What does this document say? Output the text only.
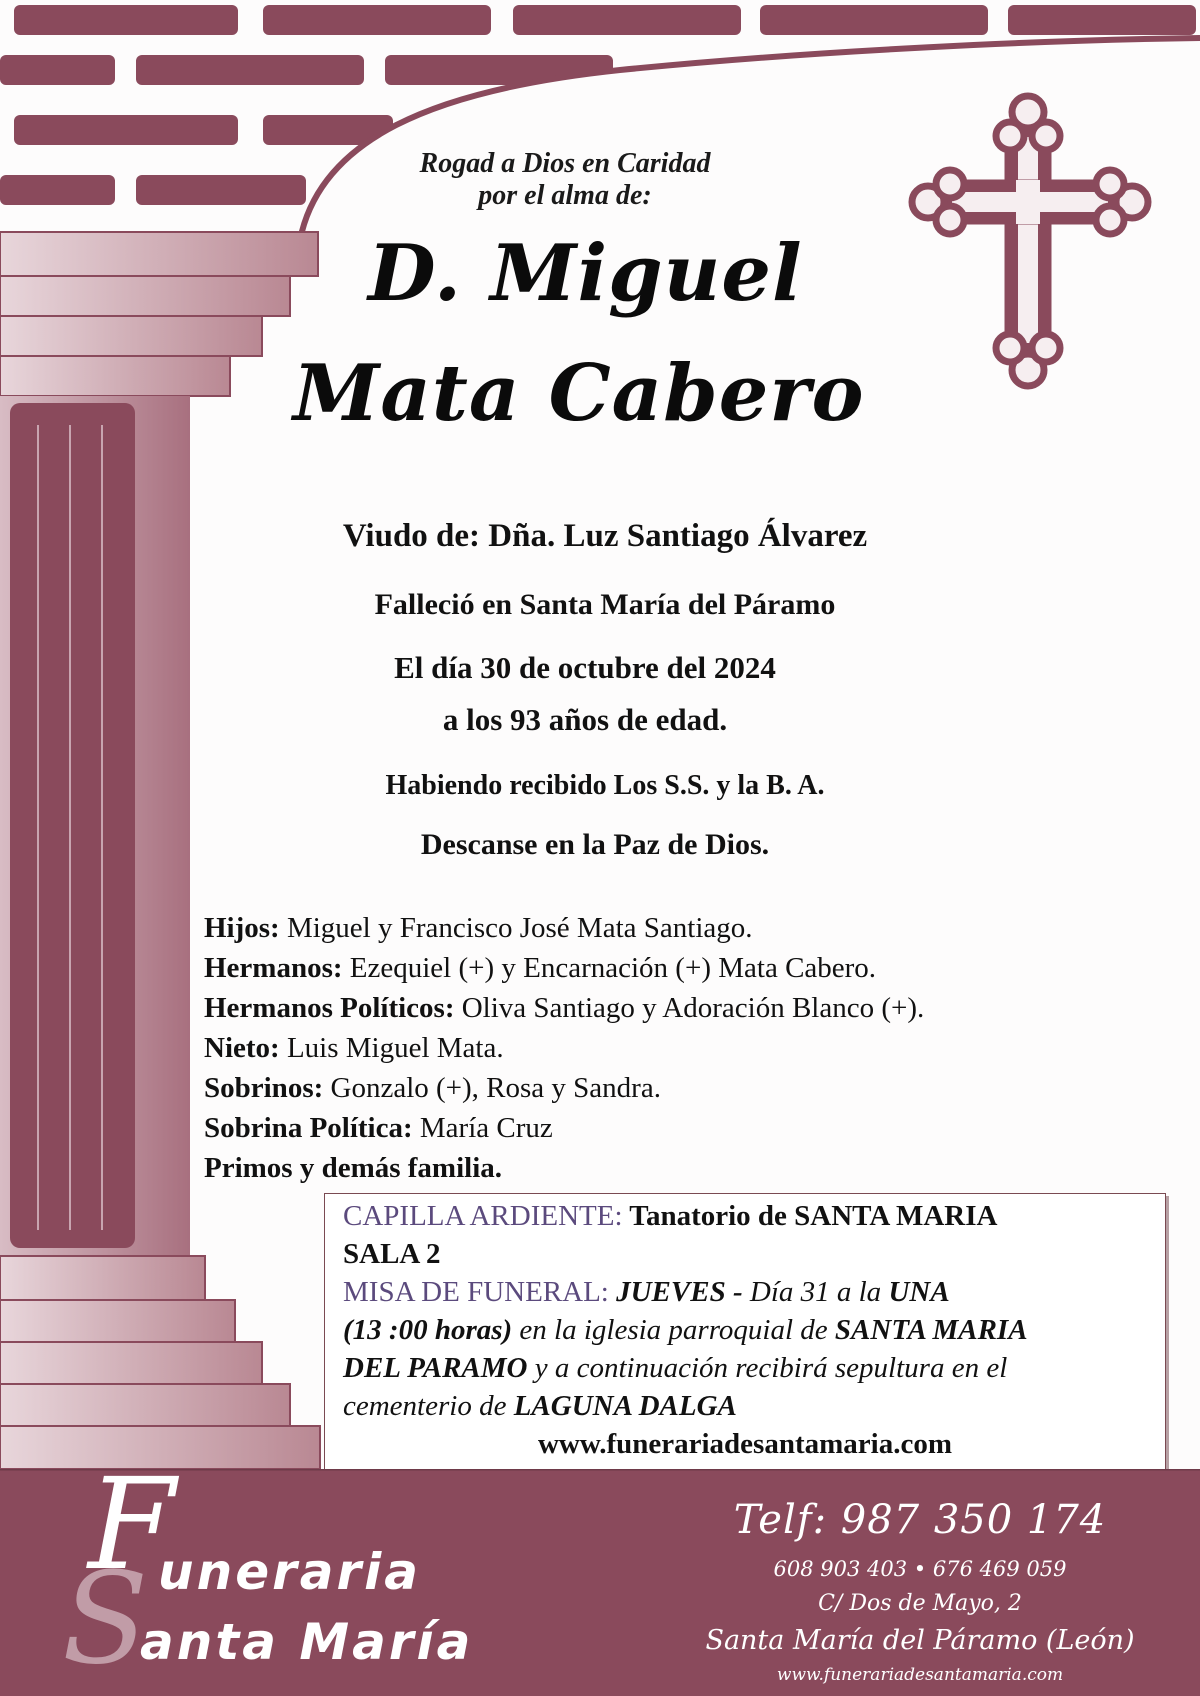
Rogad a Dios en Caridad
por el alma de:
D. Miguel
Mata Cabero
Viudo de: Dña. Luz Santiago Álvarez
Falleció en Santa María del Páramo
El día 30 de octubre del 2024
a los 93 años de edad.
Habiendo recibido Los S.S. y la B. A.
Descanse en la Paz de Dios.
Hijos: Miguel y Francisco José Mata Santiago.
Hermanos: Ezequiel (+) y Encarnación (+) Mata Cabero.
Hermanos Políticos: Oliva Santiago y Adoración Blanco (+).
Nieto: Luis Miguel Mata.
Sobrinos: Gonzalo (+), Rosa y Sandra.
Sobrina Política: María Cruz
Primos y demás familia.
CAPILLA ARDIENTE: Tanatorio de SANTA MARIA
SALA 2
MISA DE FUNERAL: JUEVES - Día 31 a la UNA
(13 :00 horas) en la iglesia parroquial de SANTA MARIA
DEL PARAMO y a continuación recibirá sepultura en el
cementerio de LAGUNA DALGA
www.funerariadesantamaria.com
F
uneraria
S
anta María
Telf: 987 350 174
608 903 403 • 676 469 059
C/ Dos de Mayo, 2
Santa María del Páramo (León)
www.funerariadesantamaria.com
